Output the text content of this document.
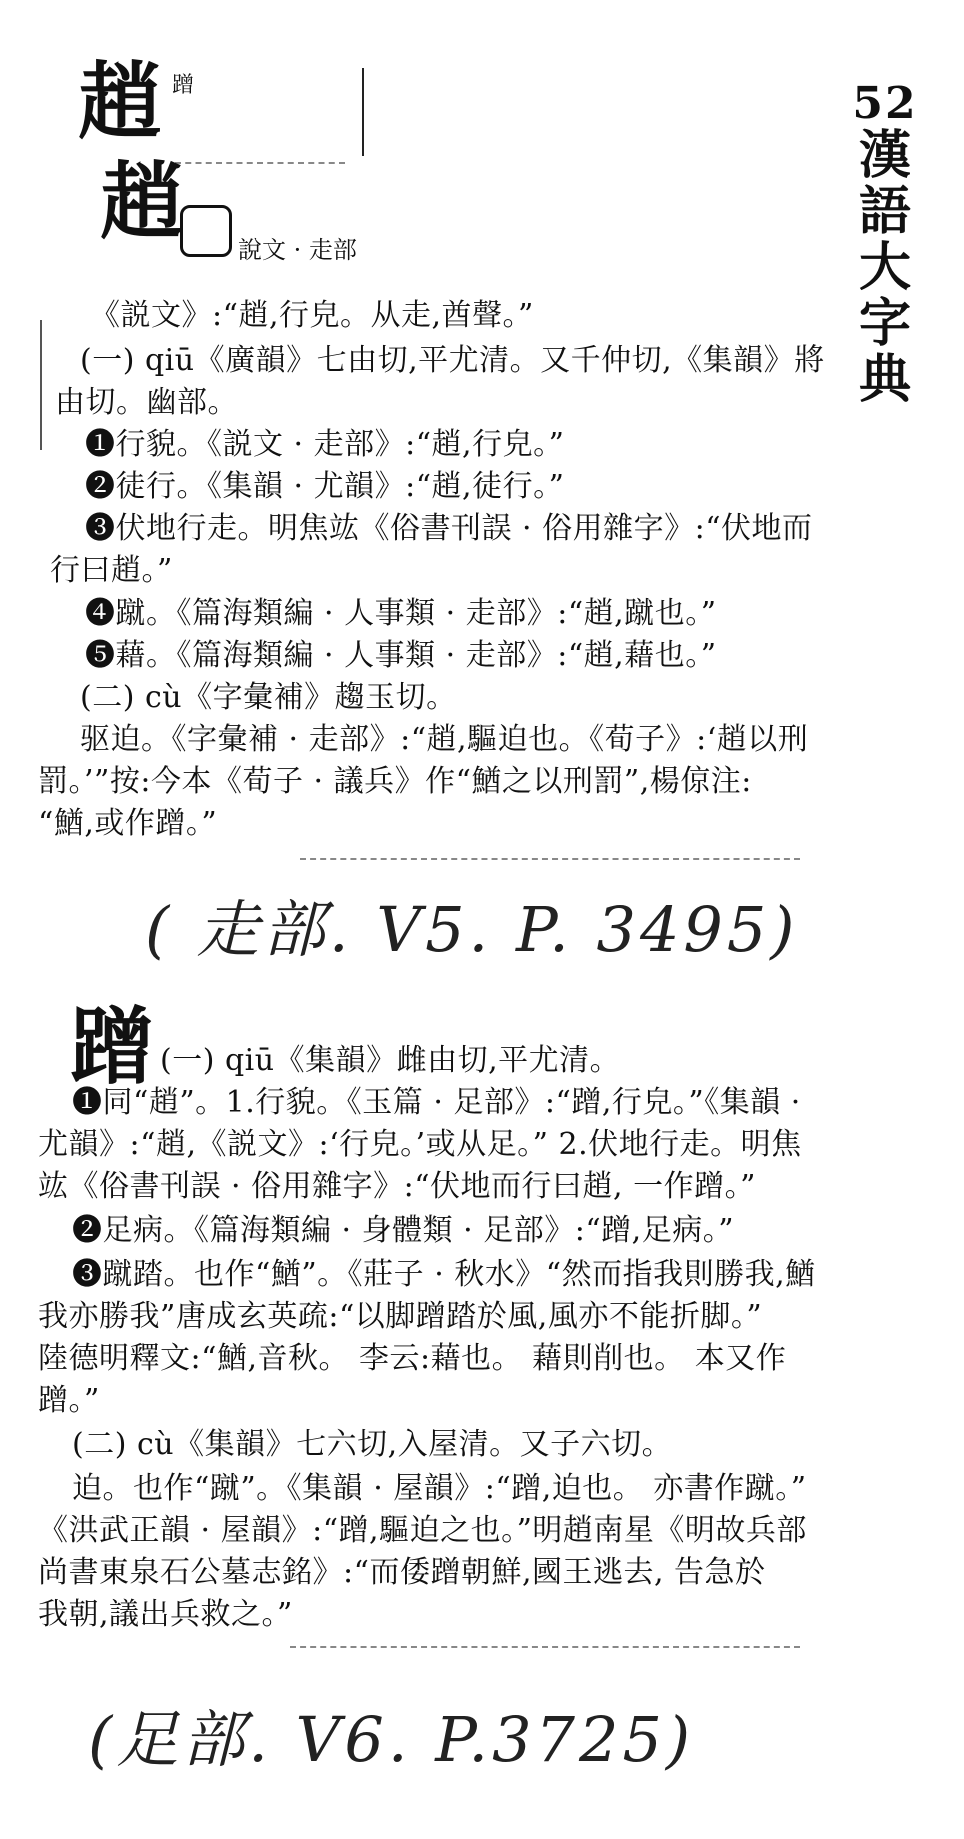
52
漢
語
大
字
典
趙 蹭
趙 說文 · 走部
《説文》:“趙,行皃。从走,酋聲。”
(一) qiū《廣韻》七由切,平尤清。又千仲切,《集韻》將
由切。幽部。
❶行貌。《説文 · 走部》:“趙,行皃。”
❷徒行。《集韻 · 尤韻》:“趙,徒行。”
❸伏地行走。明焦竑《俗書刊誤 · 俗用雜字》:“伏地而
行曰趙。”
❹蹴。《篇海類編 · 人事類 · 走部》:“趙,蹴也。”
❺藉。《篇海類編 · 人事類 · 走部》:“趙,藉也。”
(二) cù《字彙補》趨玉切。
驱迫。《字彙補 · 走部》:“趙,驅迫也。《荀子》:‘趙以刑
罰。’”按:今本《荀子 · 議兵》作“鰌之以刑罰”,楊倞注:
“鰌,或作蹭。”
( 走部. V5. P. 3495)
蹭 (一) qiū《集韻》雌由切,平尤清。
❶同“趙”。1.行貌。《玉篇 · 足部》:“蹭,行皃。”《集韻 ·
尤韻》:“趙,《説文》:‘行皃。’或从足。” 2.伏地行走。明焦
竑《俗書刊誤 · 俗用雜字》:“伏地而行曰趙, 一作蹭。”
❷足病。《篇海類編 · 身體類 · 足部》:“蹭,足病。”
❸蹴踏。也作“鰌”。《莊子 · 秋水》“然而指我則勝我,鰌
我亦勝我”唐成玄英疏:“以脚蹭踏於風,風亦不能折脚。”
陸德明釋文:“鰌,音秋。 李云:藉也。 藉則削也。 本又作
蹭。”
(二) cù《集韻》七六切,入屋清。又子六切。
迫。也作“蹴”。《集韻 · 屋韻》:“蹭,迫也。 亦書作蹴。”
《洪武正韻 · 屋韻》:“蹭,驅迫之也。”明趙南星《明故兵部
尚書東泉石公墓志銘》:“而倭蹭朝鮮,國王逃去, 告急於
我朝,議出兵救之。”
(足部. V6. P.3725)
